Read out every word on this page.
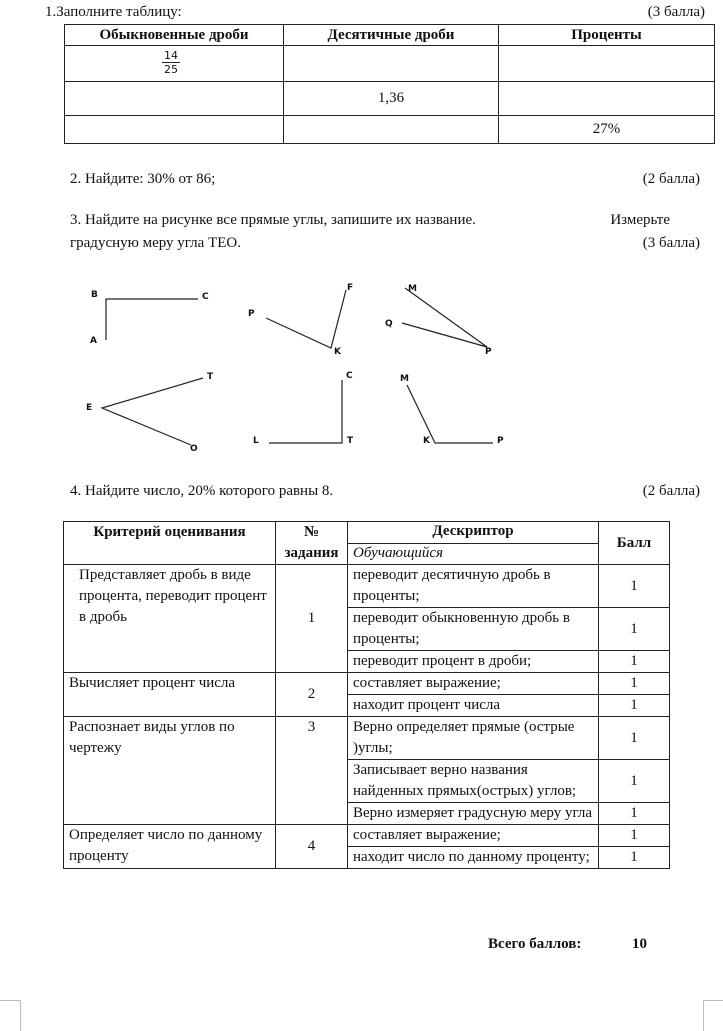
1.Заполните таблицу:	(3 балла)
Обыкновенные дроби	Десятичные дроби	Проценты

$\frac{14}{25}$

	1,36	
		27%
2. Найдите: 30% от 86;	(2 балла)
3. Найдите на рисунке все прямые углы, запишите их название.	Измерьте
градусную меру угла TEO.	(3 балла)
B	C
A
F
P
K
M
Q
P
T
E
O
C
L	T
M
K	P
4. Найдите число, 20% которого равны 8.	(2 балла)
Критерий оценивания	№ задания	Дескриптор	Балл
		Обучающийся	
Представляет дробь в виде процента, переводит процент в дробь	1	переводит десятичную дробь в проценты;	1
		переводит обыкновенную дробь в проценты;	1
		переводит процент в дроби;	1
Вычисляет процент числа	2	составляет выражение;	1
		находит процент числа	1
Распознает виды углов по чертежу	3	Верно определяет прямые (острые )углы;	1
		Записывает верно названия найденных прямых(острых) углов;	1
		Верно измеряет градусную меру угла	1
Определяет число по данному проценту	4	составляет выражение;	1
		находит число по данному проценту;	1
Всего баллов:	10
